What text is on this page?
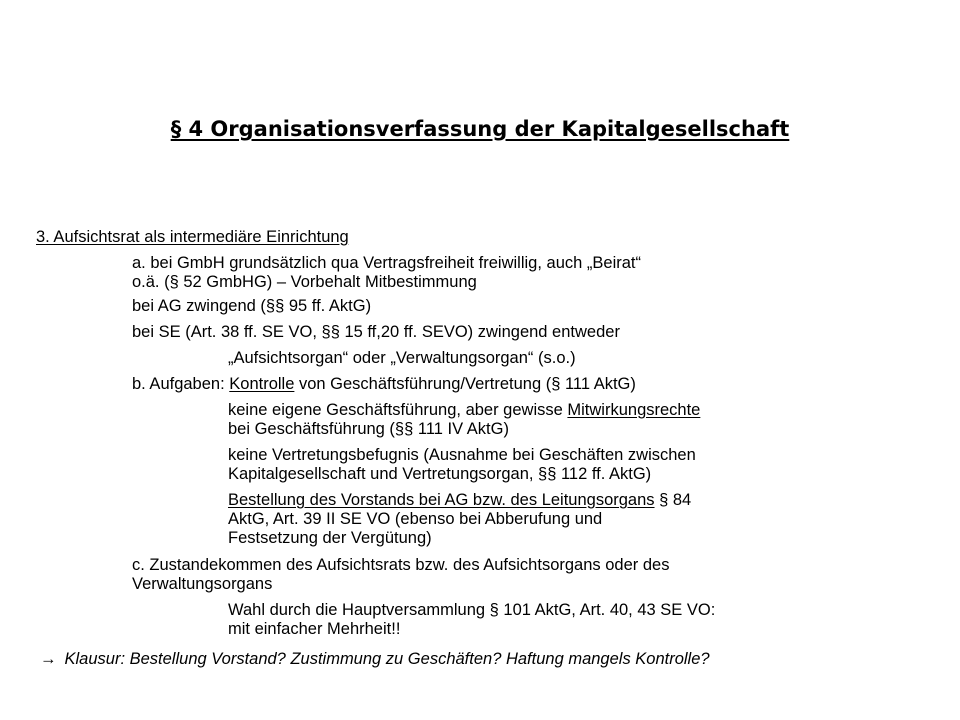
§ 4 Organisationsverfassung der Kapitalgesellschaft
3. Aufsichtsrat als intermediäre Einrichtung
a. bei GmbH grundsätzlich qua Vertragsfreiheit freiwillig, auch „Beirat“
o.ä. (§ 52 GmbHG) – Vorbehalt Mitbestimmung
bei AG zwingend (§§ 95 ff. AktG)
bei SE (Art. 38 ff. SE VO, §§ 15 ff,20 ff. SEVO) zwingend entweder
„Aufsichtsorgan“ oder „Verwaltungsorgan“ (s.o.)
b. Aufgaben: Kontrolle von Geschäftsführung/Vertretung (§ 111 AktG)
keine eigene Geschäftsführung, aber gewisse Mitwirkungsrechte
bei Geschäftsführung (§§ 111 IV AktG)
keine Vertretungsbefugnis (Ausnahme bei Geschäften zwischen
Kapitalgesellschaft und Vertretungsorgan, §§ 112 ff. AktG)
Bestellung des Vorstands bei AG bzw. des Leitungsorgans § 84
AktG, Art. 39 II SE VO (ebenso bei Abberufung und
Festsetzung der Vergütung)
c. Zustandekommen des Aufsichtsrats bzw. des Aufsichtsorgans oder des
Verwaltungsorgans
Wahl durch die Hauptversammlung § 101 AktG, Art. 40, 43 SE VO:
mit einfacher Mehrheit!!
→ Klausur: Bestellung Vorstand? Zustimmung zu Geschäften? Haftung mangels Kontrolle?
